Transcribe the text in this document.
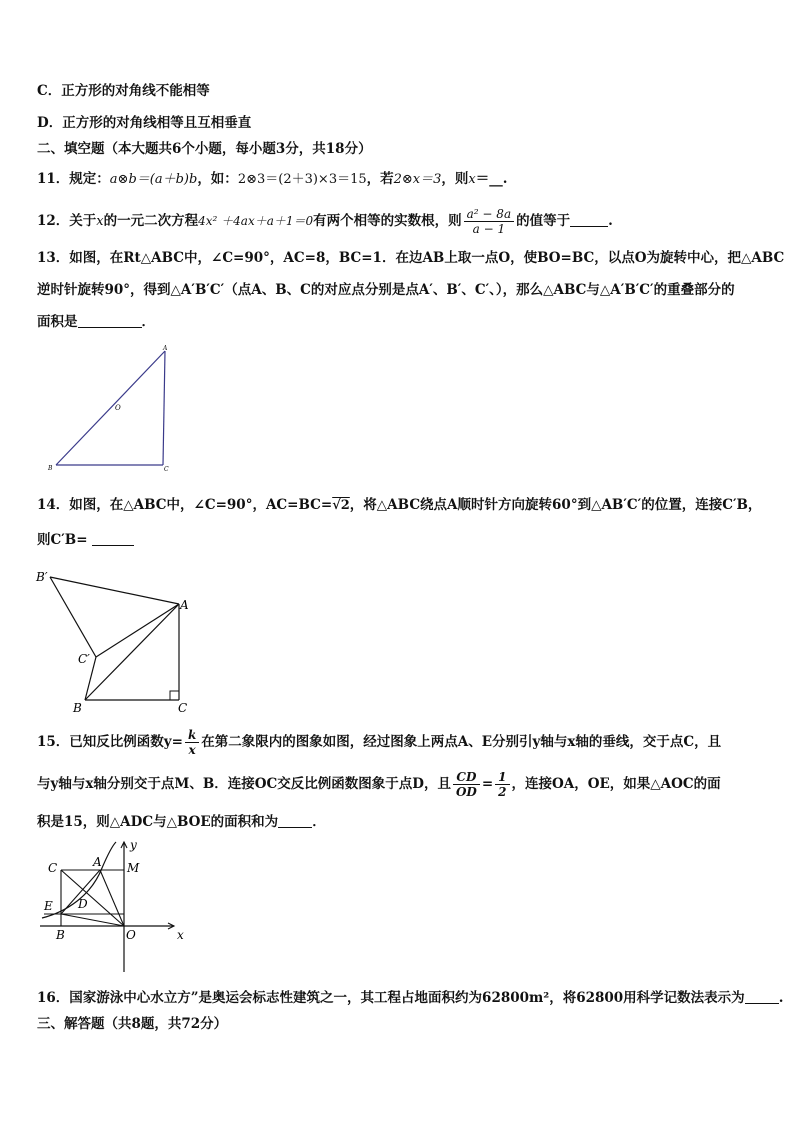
C．正方形的对角线不能相等
D．正方形的对角线相等且互相垂直
二、填空题（本大题共6个小题，每小题3分，共18分）
11．规定：a⊗b＝(a＋b)b，如：2⊗3＝(2＋3)×3＝15，若2⊗x＝3，则x＝__.
12．关于x的一元二次方程4x² ＋4ax＋a＋1＝0有两个相等的实数根，则 $\frac{\text{a² − 8a}}{a - 1}$ 的值等于	.
13．如图，在Rt△ABC中，∠C=90°，AC=8，BC=1．在边AB上取一点O，使BO=BC，以点O为旋转中心，把△ABC
逆时针旋转90°，得到△A′B′C′（点A、B、C的对应点分别是点A′、B′、C′、），那么△ABC与△A′B′C′的重叠部分的
面积是	．
A
O
B	C
14．如图，在△ABC中，∠C=90°，AC=BC=√2，将△ABC绕点A顺时针方向旋转60°到△AB′C′的位置，连接C′B，
则C′B=
B′
A
C′
B	C
15．已知反比例函数$y= \frac{k}{x}$ 在第二象限内的图象如图，经过图象上两点A、E分别引y轴与x轴的垂线，交于点C，且
与y轴与x轴分别交于点M、B．连接OC交反比例函数图象于点D，且 $\frac{CD}{OD} = \frac{1}{2}$ ，连接OA，OE，如果△AOC的面
积是15，则△ADC与△BOE的面积和为	．
y
C	A M
E D
B	O	x
16．国家游泳中心水立方”是奥运会标志性建筑之一，其工程占地面积约为62800m²，将62800用科学记数法表示为	.
三、解答题（共8题，共72分）
